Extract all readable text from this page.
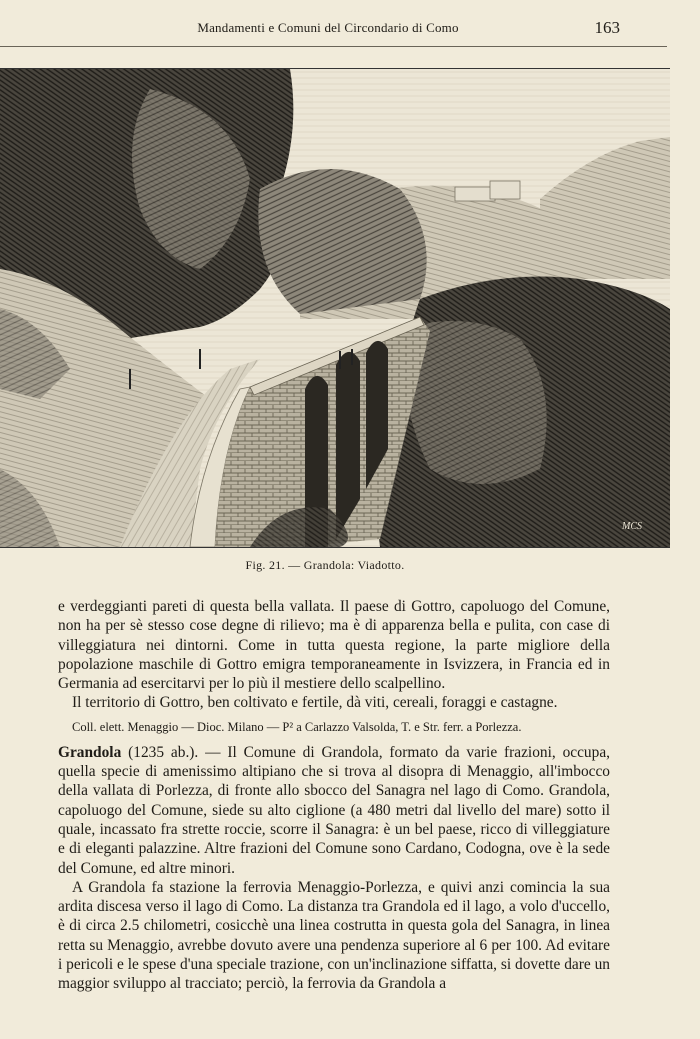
Mandamenti e Comuni del Circondario di Como	163
MCS
Fig. 21. — Grandola: Viadotto.

e verdeggianti pareti di questa bella vallata. Il paese di Gottro, capoluogo del Comune, non ha per sè stesso cose degne di rilievo; ma è di apparenza bella e pulita, con case di villeggiatura nei dintorni. Come in tutta questa regione, la parte migliore della popolazione maschile di Gottro emigra temporaneamente in Isvizzera, in Francia ed in Germania ad esercitarvi per lo più il mestiere dello scalpellino.

Il territorio di Gottro, ben coltivato e fertile, dà viti, cereali, foraggi e castagne.

Coll. elett. Menaggio — Dioc. Milano — P² a Carlazzo Valsolda, T. e Str. ferr. a Porlezza.

Grandola (1235 ab.). — Il Comune di Grandola, formato da varie frazioni, occupa, quella specie di amenissimo altipiano che si trova al disopra di Menaggio, all'imbocco della vallata di Porlezza, di fronte allo sbocco del Sanagra nel lago di Como. Grandola, capoluogo del Comune, siede su alto ciglione (a 480 metri dal livello del mare) sotto il quale, incassato fra strette roccie, scorre il Sanagra: è un bel paese, ricco di villeggiature e di eleganti palazzine. Altre frazioni del Comune sono Cardano, Codogna, ove è la sede del Comune, ed altre minori.

A Grandola fa stazione la ferrovia Menaggio-Porlezza, e quivi anzi comincia la sua ardita discesa verso il lago di Como. La distanza tra Grandola ed il lago, a volo d'uccello, è di circa 2.5 chilometri, cosicchè una linea costrutta in questa gola del Sanagra, in linea retta su Menaggio, avrebbe dovuto avere una pendenza superiore al 6 per 100. Ad evitare i pericoli e le spese d'una speciale trazione, con un'inclinazione siffatta, si dovette dare un maggior sviluppo al tracciato; perciò, la ferrovia da Grandola a
